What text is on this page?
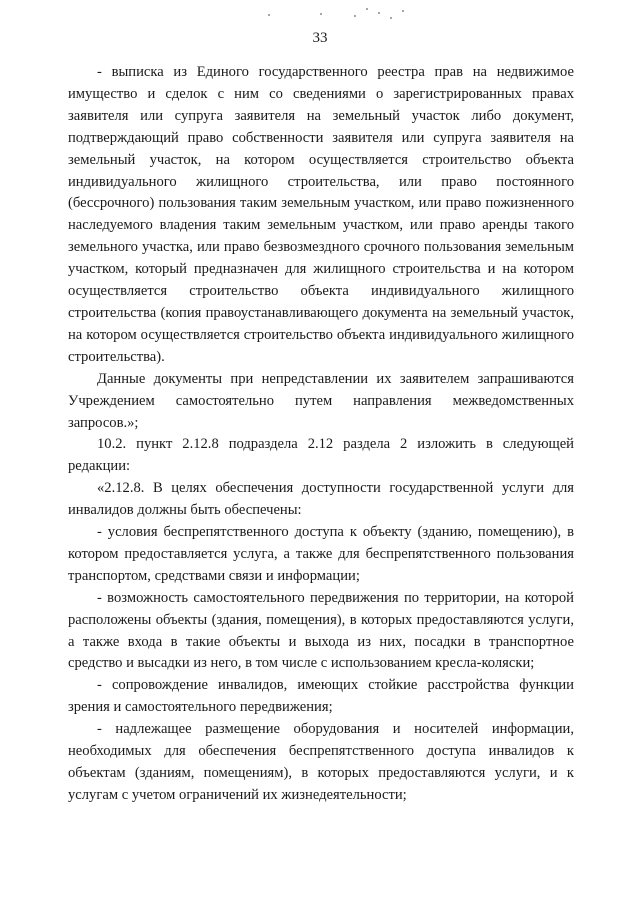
33

- выписка из Единого государственного реестра прав на недвижимое имущество и сделок с ним со сведениями о зарегистрированных правах заявителя или супруга заявителя на земельный участок либо документ, подтверждающий право собственности заявителя или супруга заявителя на земельный участок, на котором осуществляется строительство объекта индивидуального жилищного строительства, или право постоянного (бессрочного) пользования таким земельным участком, или право пожизненного наследуемого владения таким земельным участком, или право аренды такого земельного участка, или право безвозмездного срочного пользования земельным участком, который предназначен для жилищного строительства и на котором осуществляется строительство объекта индивидуального жилищного строительства (копия правоустанавливающего документа на земельный участок, на котором осуществляется строительство объекта индивидуального жилищного строительства).

Данные документы при непредставлении их заявителем запрашиваются Учреждением самостоятельно путем направления межведомственных запросов.»;

10.2. пункт 2.12.8 подраздела 2.12 раздела 2 изложить в следующей редакции:

«2.12.8. В целях обеспечения доступности государственной услуги для инвалидов должны быть обеспечены:

- условия беспрепятственного доступа к объекту (зданию, помещению), в котором предоставляется услуга, а также для беспрепятственного пользования транспортом, средствами связи и информации;

- возможность самостоятельного передвижения по территории, на которой расположены объекты (здания, помещения), в которых предоставляются услуги, а также входа в такие объекты и выхода из них, посадки в транспортное средство и высадки из него, в том числе с использованием кресла-коляски;

- сопровождение инвалидов, имеющих стойкие расстройства функции зрения и самостоятельного передвижения;

- надлежащее размещение оборудования и носителей информации, необходимых для обеспечения беспрепятственного доступа инвалидов к объектам (зданиям, помещениям), в которых предоставляются услуги, и к услугам с учетом ограничений их жизнедеятельности;
